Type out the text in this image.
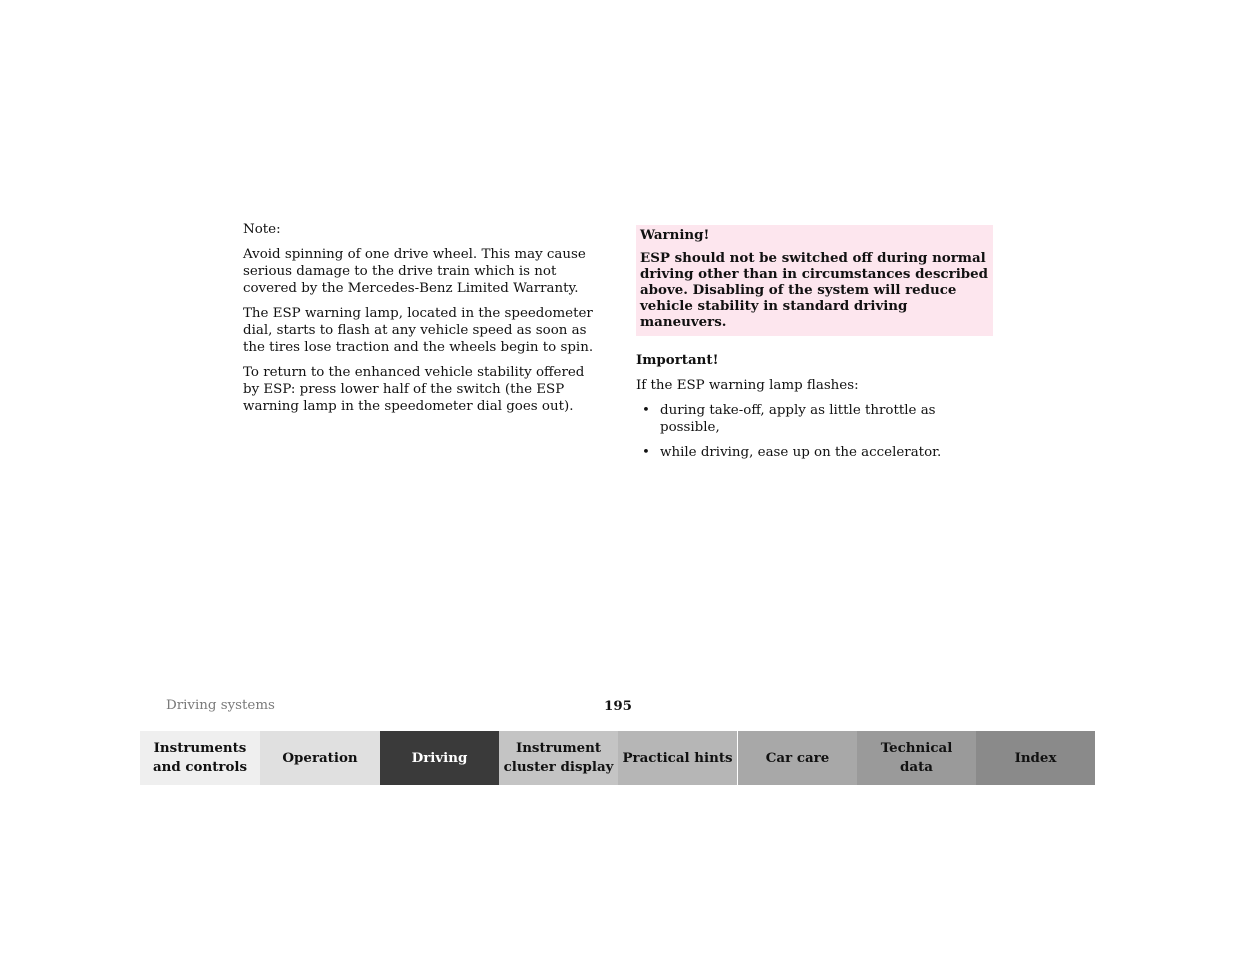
Note:

Avoid spinning of one drive wheel. This may cause serious damage to the drive train which is not covered by the Mercedes-Benz Limited Warranty.

The ESP warning lamp, located in the speedometer dial, starts to flash at any vehicle speed as soon as the tires lose traction and the wheels begin to spin.

To return to the enhanced vehicle stability offered by ESP: press lower half of the switch (the ESP warning lamp in the speedometer dial goes out).

Warning!

ESP should not be switched off during normal driving other than in circumstances described above. Disabling of the system will reduce vehicle stability in standard driving maneuvers.

Important!

If the ESP warning lamp flashes:

• during take-off, apply as little throttle as possible,
• while driving, ease up on the accelerator.
Driving systems	195
Instruments
and controls
Operation	Driving
Instrument
cluster display
Practical hints Car care
Technical
data
Index
